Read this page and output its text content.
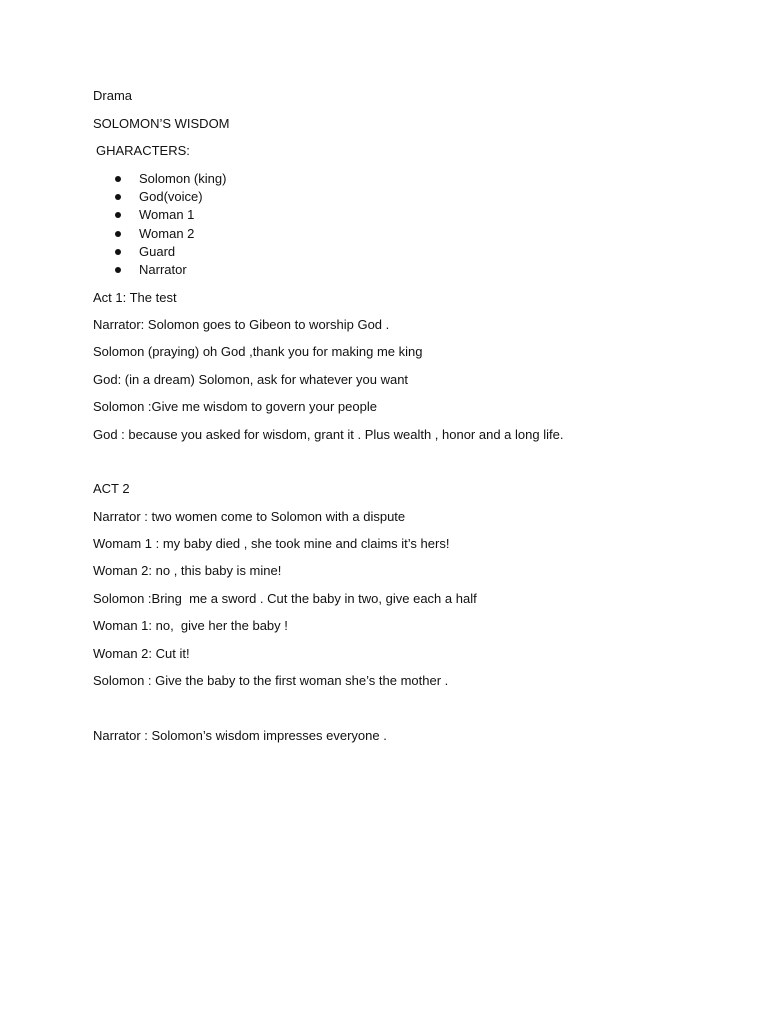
Drama

SOLOMON’S WISDOM

GHARACTERS:

Solomon (king)

God(voice)

Woman 1

Woman 2

Guard

Narrator

Act 1: The test

Narrator: Solomon goes to Gibeon to worship God .

Solomon (praying) oh God ,thank you for making me king

God: (in a dream) Solomon, ask for whatever you want

Solomon :Give me wisdom to govern your people

God : because you asked for wisdom, grant it . Plus wealth , honor and a long life.

ACT 2

Narrator : two women come to Solomon with a dispute

Womam 1 : my baby died , she took mine and claims it’s hers!

Woman 2: no , this baby is mine!

Solomon :Bring  me a sword . Cut the baby in two, give each a half

Woman 1: no,  give her the baby !

Woman 2: Cut it!

Solomon : Give the baby to the first woman she’s the mother .

Narrator : Solomon’s wisdom impresses everyone .
